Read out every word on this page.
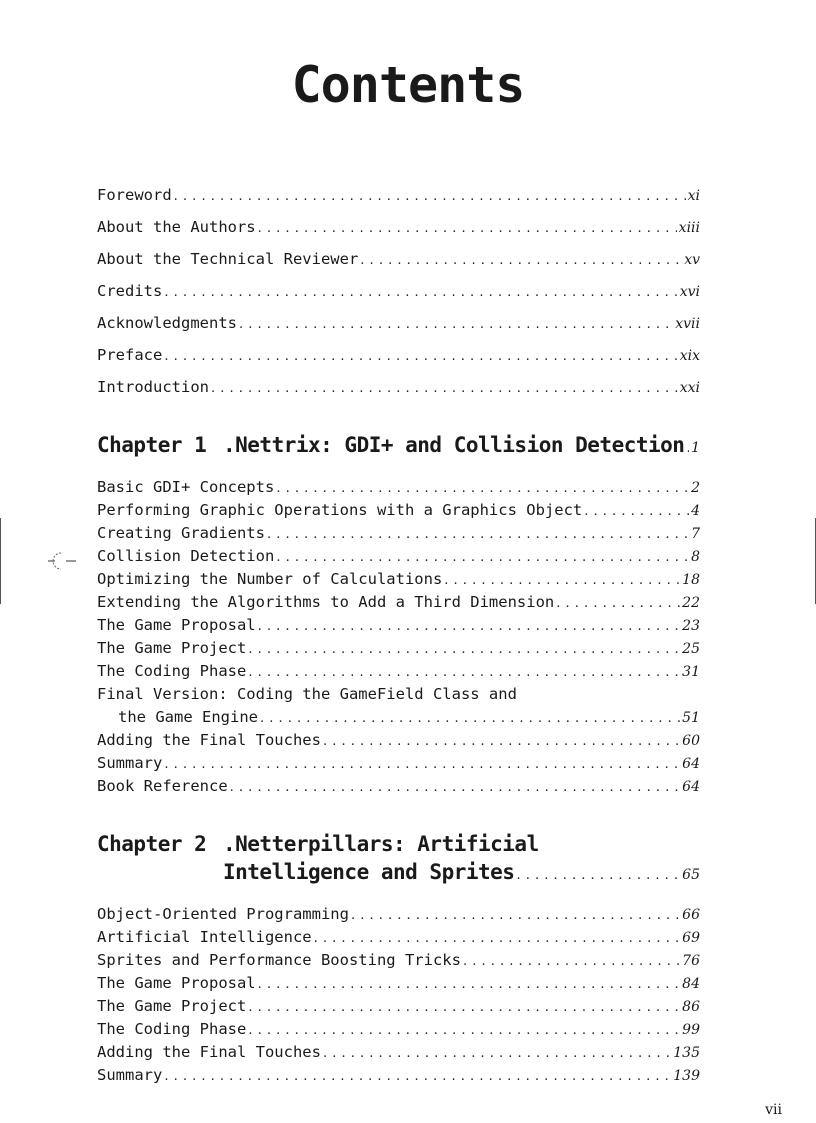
Contents
Foreword . . .	xi
About the Authors . . .	xiii
About the Technical Reviewer . . .	xv
Credits . . .	xvi
Acknowledgments . . .	xvii
Preface . . .	xix
Introduction . . .	xxi
Chapter 1 .Nettrix: GDI+ and Collision Detection . . . 1
Basic GDI+ Concepts . . .	2
Performing Graphic Operations with a Graphics Object . . .	4
Creating Gradients . . .	7
Collision Detection . . .	8
Optimizing the Number of Calculations . . .	18
Extending the Algorithms to Add a Third Dimension . . .	22
The Game Proposal . . .	23
The Game Project . . .	25
The Coding Phase . . .	31
Final Version: Coding the GameField Class and
the Game Engine . . .	51
Adding the Final Touches . . .	60
Summary . . .	64
Book Reference . . .	64
Chapter 2 .Netterpillars: Artificial
Intelligence and Sprites . . .	65
Object-Oriented Programming . . .	66
Artificial Intelligence . . .	69
Sprites and Performance Boosting Tricks . . .	76
The Game Proposal . . .	84
The Game Project . . .	86
The Coding Phase . . .	99
Adding the Final Touches . . .	135
Summary . . .	139
vii
